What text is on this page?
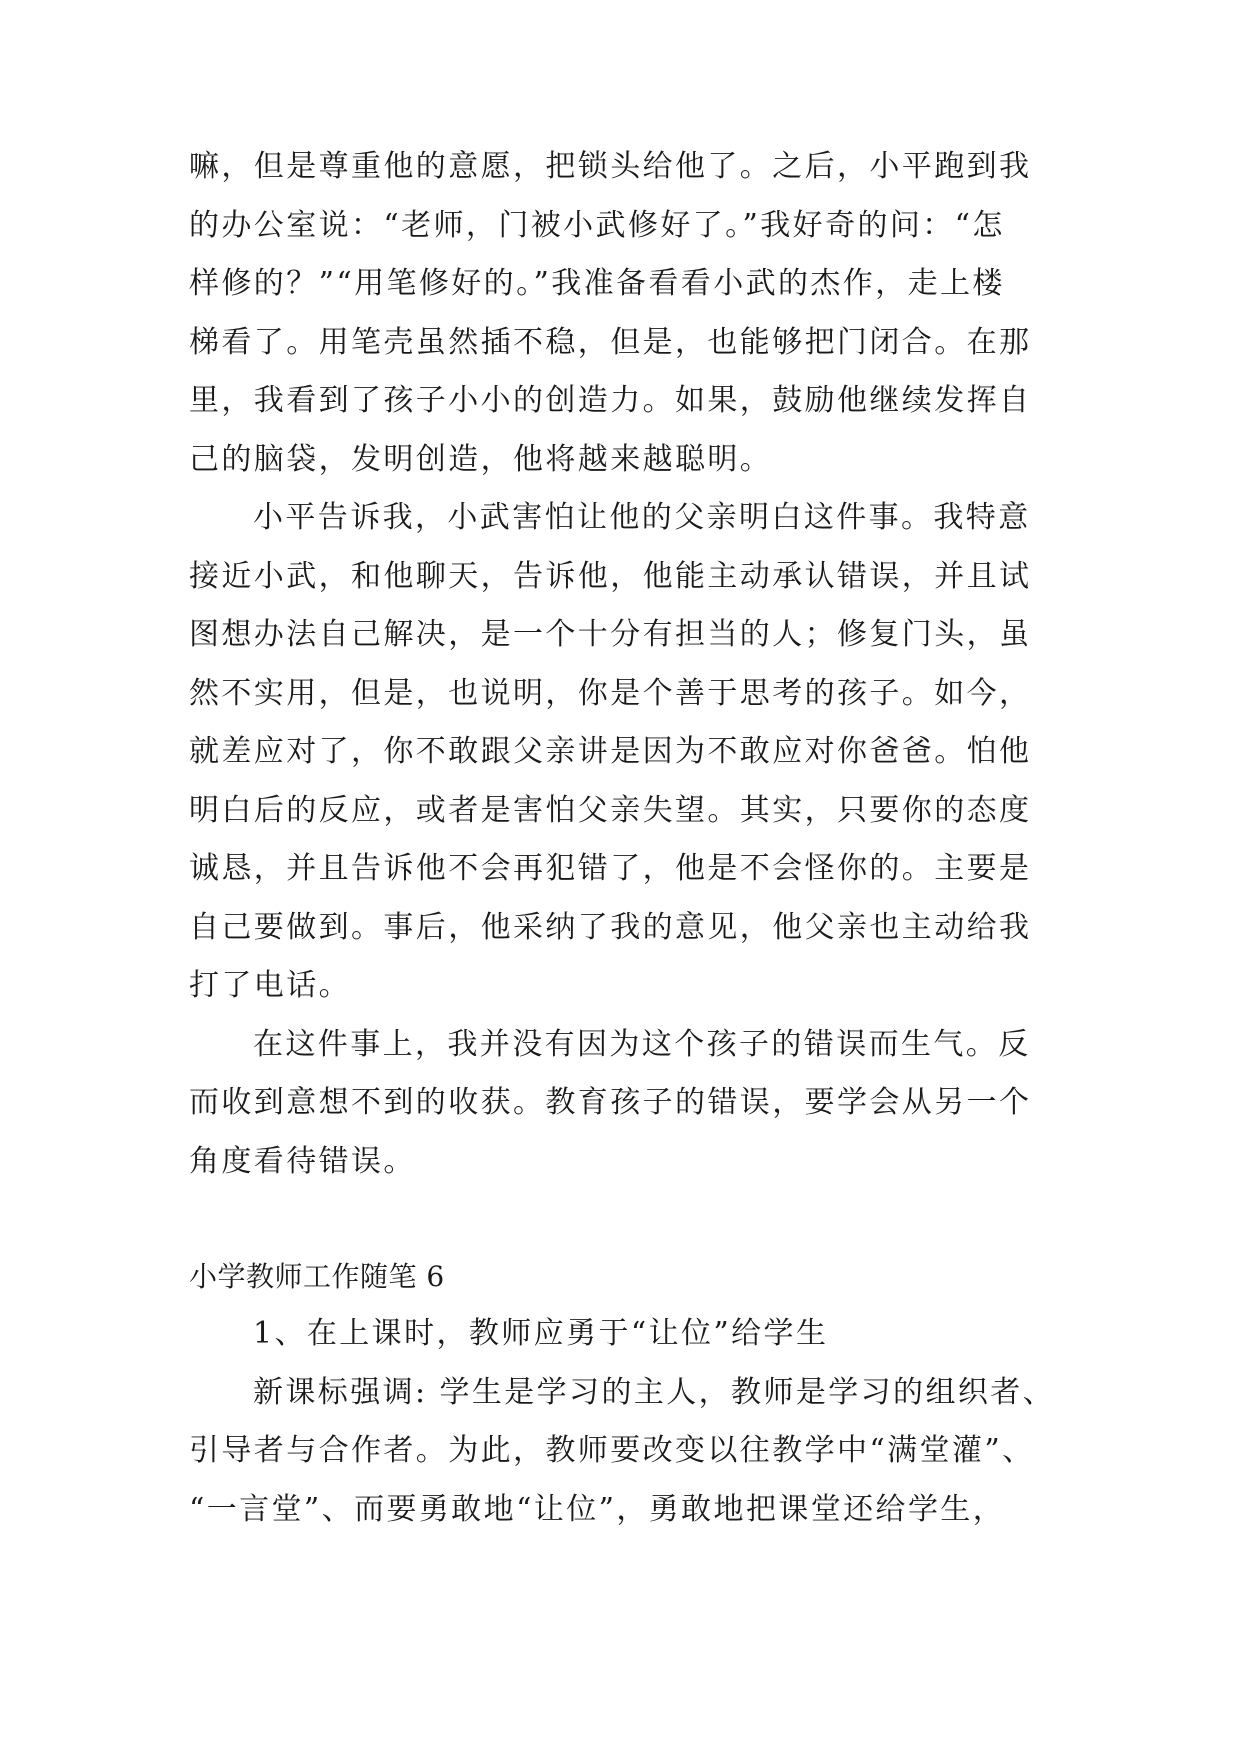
嘛，但是尊重他的意愿，把锁头给他了。之后，小平跑到我
的办公室说：“老师，门被小武修好了。”我好奇的问：“怎
样修的？”“用笔修好的。”我准备看看小武的杰作，走上楼
梯看了。用笔壳虽然插不稳，但是，也能够把门闭合。在那
里，我看到了孩子小小的创造力。如果，鼓励他继续发挥自
己的脑袋，发明创造，他将越来越聪明。
小平告诉我，小武害怕让他的父亲明白这件事。我特意
接近小武，和他聊天，告诉他，他能主动承认错误，并且试
图想办法自己解决，是一个十分有担当的人；修复门头，虽
然不实用，但是，也说明，你是个善于思考的孩子。如今，
就差应对了，你不敢跟父亲讲是因为不敢应对你爸爸。怕他
明白后的反应，或者是害怕父亲失望。其实，只要你的态度
诚恳，并且告诉他不会再犯错了，他是不会怪你的。主要是
自己要做到。事后，他采纳了我的意见，他父亲也主动给我
打了电话。
在这件事上，我并没有因为这个孩子的错误而生气。反
而收到意想不到的收获。教育孩子的错误，要学会从另一个
角度看待错误。
小学教师工作随笔 6
1、在上课时，教师应勇于“让位”给学生
新课标强调: 学生是学习的主人，教师是学习的组织者、
引导者与合作者。为此，教师要改变以往教学中“满堂灌”、
“一言堂”、而要勇敢地“让位”，勇敢地把课堂还给学生，
